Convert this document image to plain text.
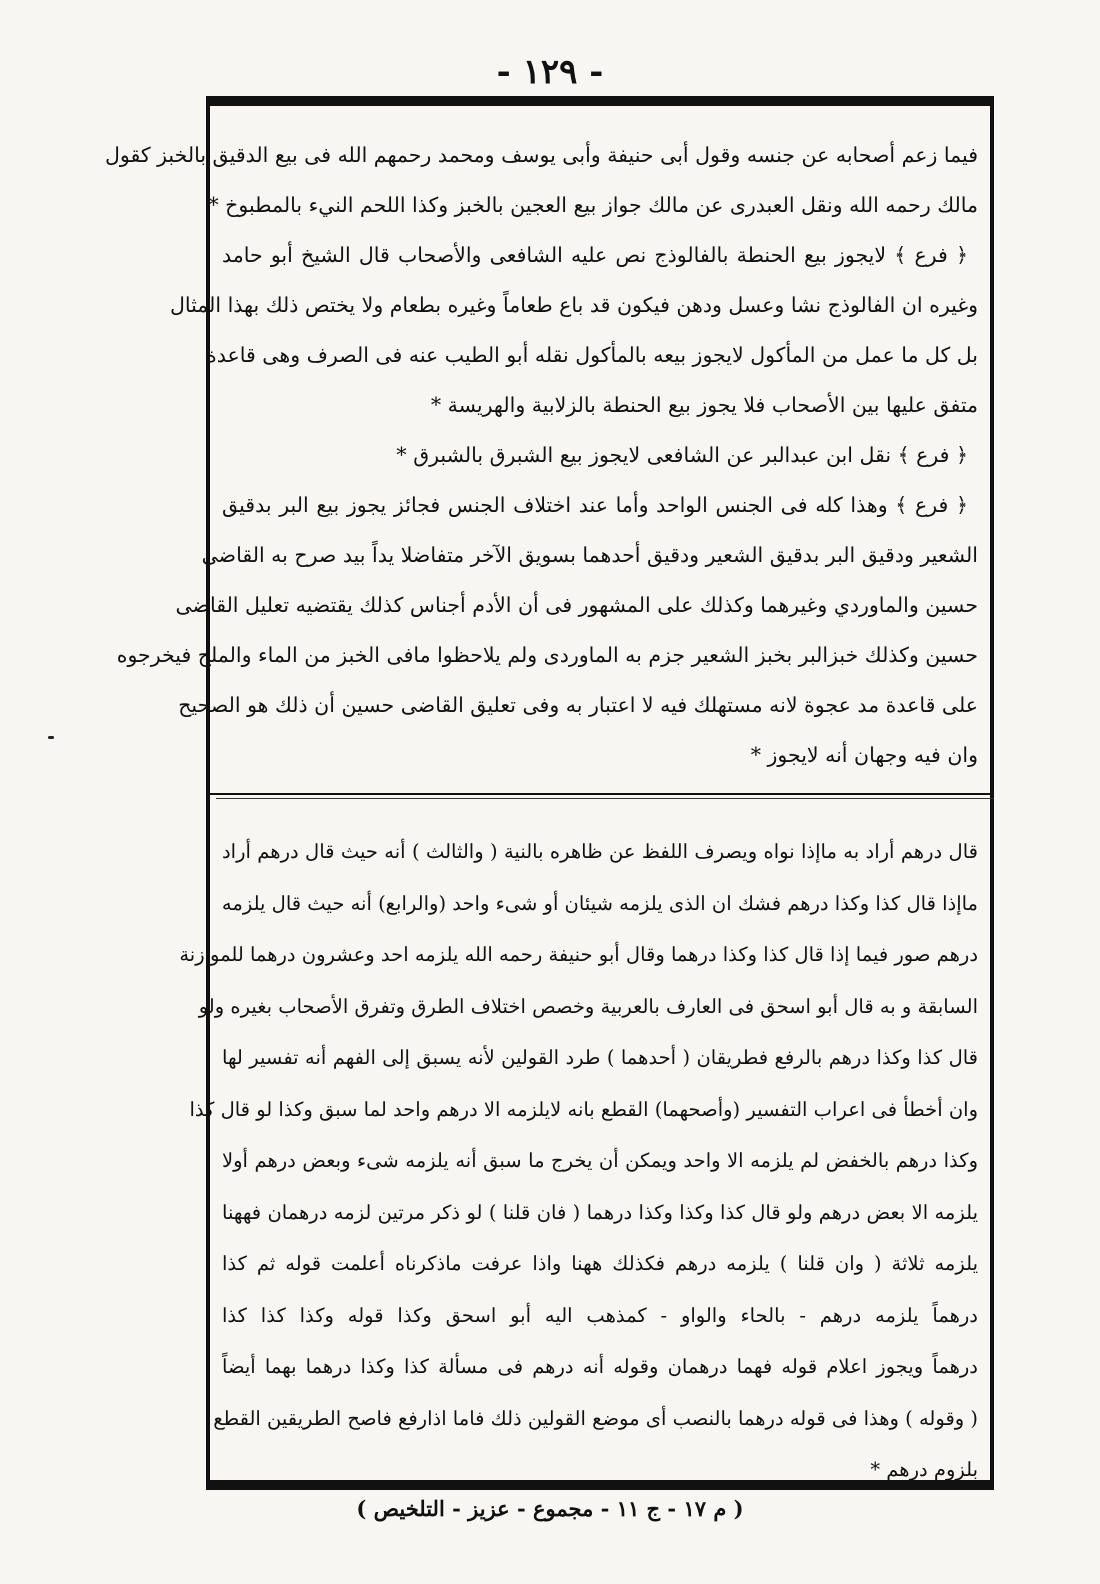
- ١٢٩ -
فيما زعم أصحابه عن جنسه وقول أبى حنيفة وأبى يوسف ومحمد رحمهم الله فى بيع الدقيق بالخبز كقول
مالك رحمه الله ونقل العبدرى عن مالك جواز بيع العجين بالخبز وكذا اللحم النيء بالمطبوخ *
﴿ فرع ﴾ لايجوز بيع الحنطة بالفالوذج نص عليه الشافعى والأصحاب قال الشيخ أبو حامد
وغيره ان الفالوذج نشا وعسل ودهن فيكون قد باع طعاماً وغيره بطعام ولا يختص ذلك بهذا المثال
بل كل ما عمل من المأكول لايجوز بيعه بالمأكول نقله أبو الطيب عنه فى الصرف وهى قاعدة
متفق عليها بين الأصحاب فلا يجوز بيع الحنطة بالزلابية والهريسة *
﴿ فرع ﴾ نقل ابن عبدالبر عن الشافعى لايجوز بيع الشبرق بالشبرق *
﴿ فرع ﴾ وهذا كله فى الجنس الواحد وأما عند اختلاف الجنس فجائز يجوز بيع البر بدقيق
الشعير ودقيق البر بدقيق الشعير ودقيق أحدهما بسويق الآخر متفاضلا يداً بيد صرح به القاضى
حسين والماوردي وغيرهما وكذلك على المشهور فى أن الأدم أجناس كذلك يقتضيه تعليل القاضى
حسين وكذلك خبزالبر بخبز الشعير جزم به الماوردى ولم يلاحظوا مافى الخبز من الماء والملح فيخرجوه
على قاعدة مد عجوة لانه مستهلك فيه لا اعتبار به وفى تعليق القاضى حسين أن ذلك هو الصحيح
وان فيه وجهان أنه لايجوز *
قال درهم أراد به ماإذا نواه ويصرف اللفظ عن ظاهره بالنية ( والثالث ) أنه حيث قال درهم أراد
ماإذا قال كذا وكذا درهم فشك ان الذى يلزمه شيئان أو شىء واحد (والرابع) أنه حيث قال يلزمه
درهم صور فيما إذا قال كذا وكذا درهما وقال أبو حنيفة رحمه الله يلزمه احد وعشرون درهما للموازنة
السابقة و به قال أبو اسحق فى العارف بالعربية وخصص اختلاف الطرق وتفرق الأصحاب بغيره ولو
قال كذا وكذا درهم بالرفع فطريقان ( أحدهما ) طرد القولين لأنه يسبق إلى الفهم أنه تفسير لها
وان أخطأ فى اعراب التفسير (وأصحهما) القطع بانه لايلزمه الا درهم واحد لما سبق وكذا لو قال كذا
وكذا درهم بالخفض لم يلزمه الا واحد ويمكن أن يخرج ما سبق أنه يلزمه شىء وبعض درهم أولا
يلزمه الا بعض درهم ولو قال كذا وكذا وكذا درهما ( فان قلنا ) لو ذكر مرتين لزمه درهمان فههنا
يلزمه ثلاثة ( وان قلنا ) يلزمه درهم فكذلك ههنا واذا عرفت ماذكرناه أعلمت قوله ثم كذا
درهماً يلزمه درهم - بالحاء والواو - كمذهب اليه أبو اسحق وكذا قوله وكذا كذا كذا
درهماً ويجوز اعلام قوله فهما درهمان وقوله أنه درهم فى مسألة كذا وكذا درهما بهما أيضاً
( وقوله ) وهذا فى قوله درهما بالنصب أى موضع القولين ذلك فاما اذارفع فاصح الطريقين القطع
بلزوم درهم *
( م ١٧ - ج ١١ - مجموع - عزيز - التلخيص )
